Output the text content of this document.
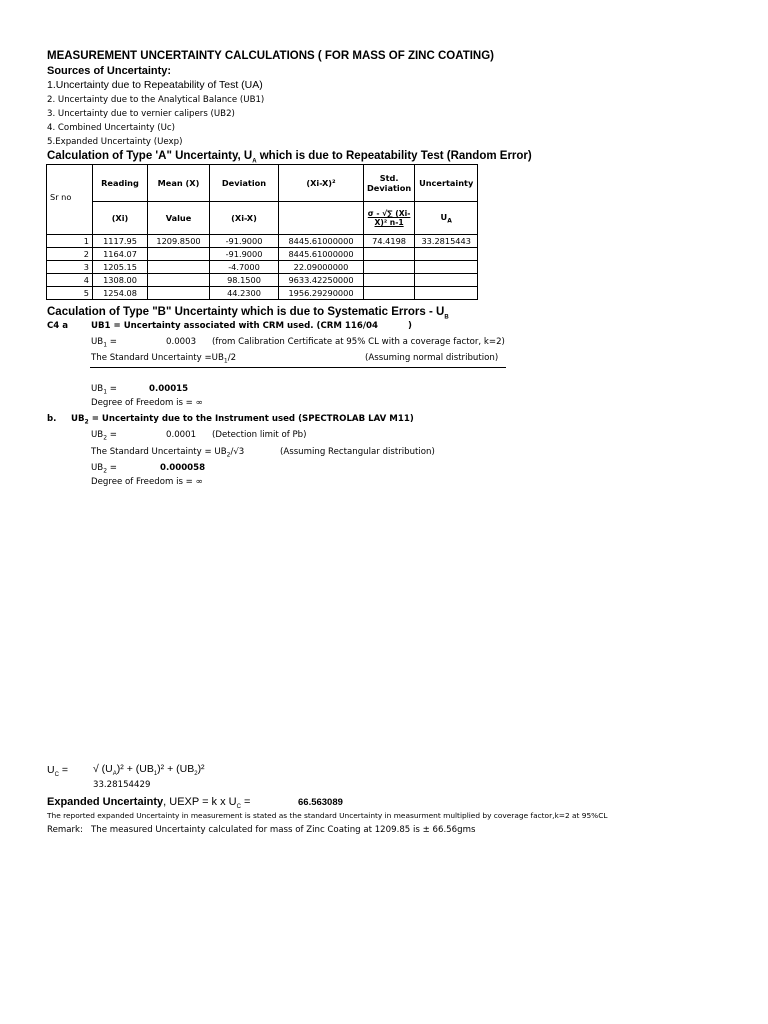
MEASUREMENT UNCERTAINTY CALCULATIONS ( FOR MASS OF ZINC COATING)
Sources of Uncertainty:
1.Uncertainty due to Repeatability of Test (UA)
2. Uncertainty due to the Analytical Balance (UB1)
3. Uncertainty due to vernier calipers (UB2)
4. Combined Uncertainty (Uc)
5.Expanded Uncertainty (Uexp)
Calculation of Type 'A" Uncertainty, $U_A$ which is due to Repeatability Test (Random Error)
Sr no	Reading	Mean (X)	Deviation	(Xi-X)²	Std. Deviation	Uncertainty
	(Xi)	Value	(Xi-X)		σ - √∑ (Xi-X)² n-1	$U_A$
1	1117.95	1209.8500	-91.9000	8445.61000000	74.4198	33.2815443
2	1164.07		-91.9000	8445.61000000		
3	1205.15		-4.7000	22.09000000		
4	1308.00		98.1500	9633.42250000		
5	1254.08		44.2300	1956.29290000		
Caculation of Type "B" Uncertainty which is due to Systematic Errors - $U_B$
C4 a	UB1 = Uncertainty associated with CRM used. (CRM 116/04	)
$UB_1$ =	0.0003 (from Calibration Certificate at 95% CL with a coverage factor, k=2)
The Standard Uncertainty $=UB_1/2$	(Assuming normal distribution)
$UB_1$ =	0.00015
Degree of Freedom is = ∞
b. $UB_2$ = Uncertainty due to the Instrument used (SPECTROLAB LAV M11)
$UB_2$ =	0.0001 (Detection limit of Pb)
The Standard Uncertainty = $UB_2/√3$	(Assuming Rectangular distribution)
$UB_2$ =	0.000058
Degree of Freedom is = ∞
$U_C$ = √ $(U_A)^2 + (UB_1)^2 + (UB_2)^2$
33.28154429
Expanded Uncertainty, UEXP = k x $U_C$ =	66.563089
The reported expanded Uncertainty in measurement is stated as the standard Uncertainty in measurment multiplied by coverage factor,k=2 at 95%CL
Remark: The measured Uncertainty calculated for mass of Zinc Coating at 1209.85 is ± 66.56gms
